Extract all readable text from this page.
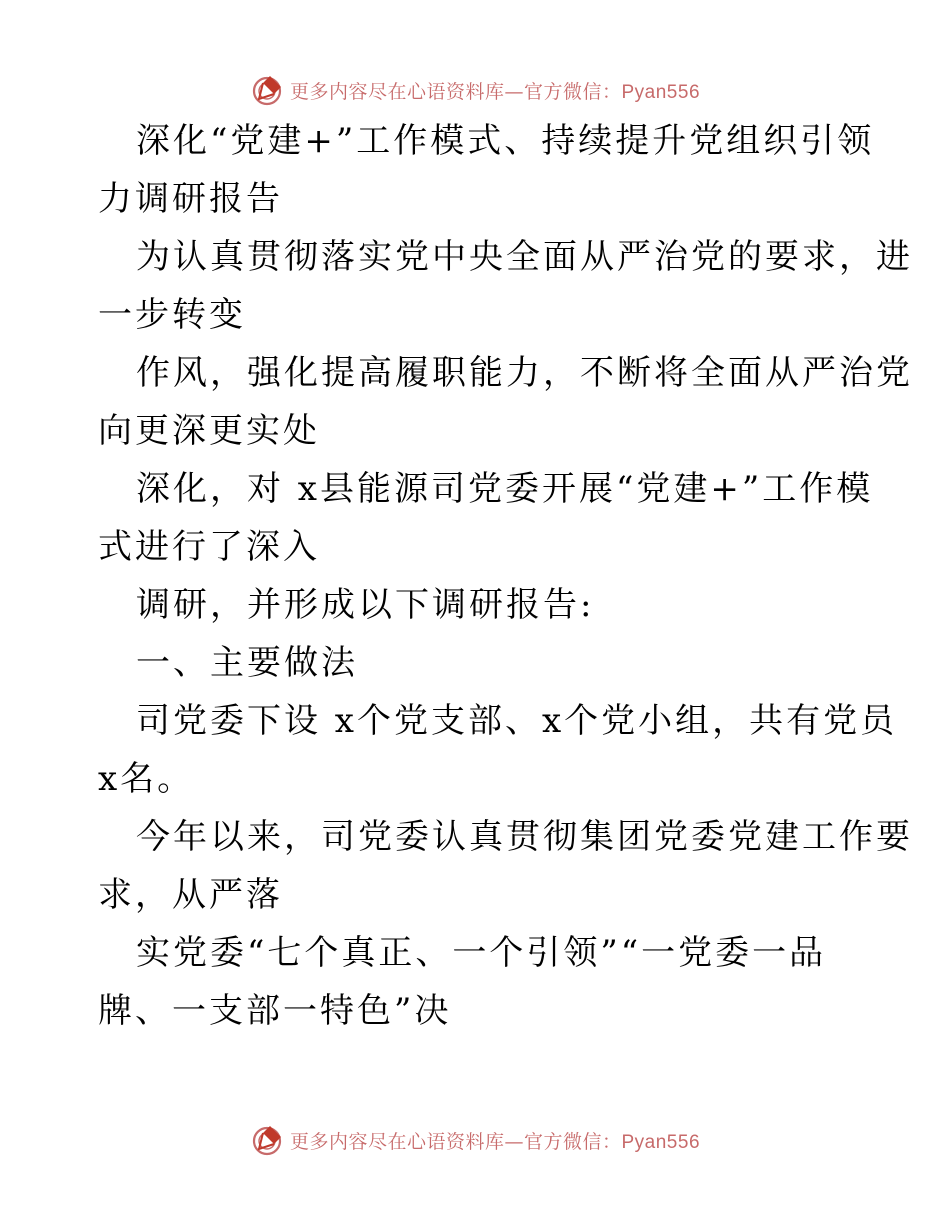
更多内容尽在心语资料库—官方微信：Pyan556

深化“党建+”工作模式、持续提升党组织引领
力调研报告

为认真贯彻落实党中央全面从严治党的要求，进
一步转变

作风，强化提高履职能力，不断将全面从严治党
向更深更实处

深化，对 x县能源司党委开展“党建+”工作模
式进行了深入

调研，并形成以下调研报告:

一、主要做法

司党委下设 x个党支部、x个党小组，共有党员
x名。

今年以来，司党委认真贯彻集团党委党建工作要
求，从严落

实党委“七个真正、一个引领”“一党委一品
牌、一支部一特色”决

更多内容尽在心语资料库—官方微信：Pyan556
